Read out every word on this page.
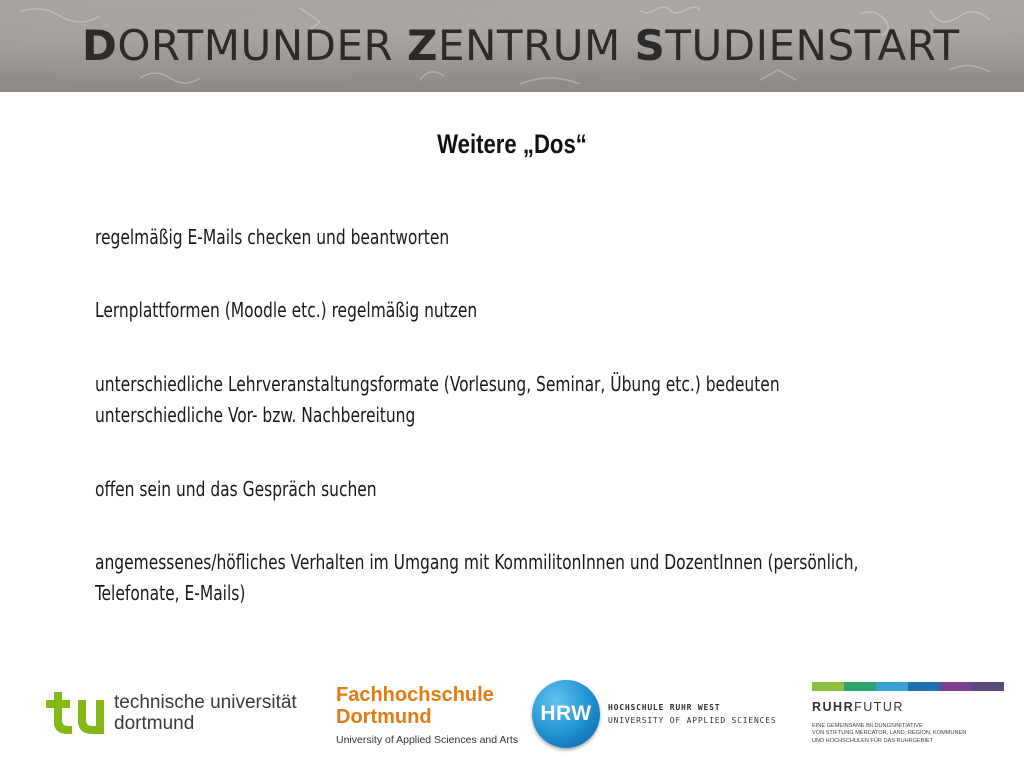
DORTMUNDER ZENTRUM STUDIENSTART
Weitere „Dos“
regelmäßig E-Mails checken und beantworten
Lernplattformen (Moodle etc.) regelmäßig nutzen
unterschiedliche Lehrveranstaltungsformate (Vorlesung, Seminar, Übung etc.) bedeuten
unterschiedliche Vor- bzw. Nachbereitung
offen sein und das Gespräch suchen
angemessenes/höfliches Verhalten im Umgang mit KommilitonInnen und DozentInnen (persönlich,
Telefonate, E-Mails)
technische universität
dortmund
Fachhochschule
Dortmund
University of Applied Sciences and Arts
HRW HOCHSCHULE RUHR WEST
UNIVERSITY OF APPLIED SCIENCES
RUHRFUTUR
EINE GEMEINSAME BILDUNGSINITIATIVE
VON STIFTUNG MERCATOR, LAND, REGION, KOMMUNEN
UND HOCHSCHULEN FÜR DAS RUHRGEBIET
